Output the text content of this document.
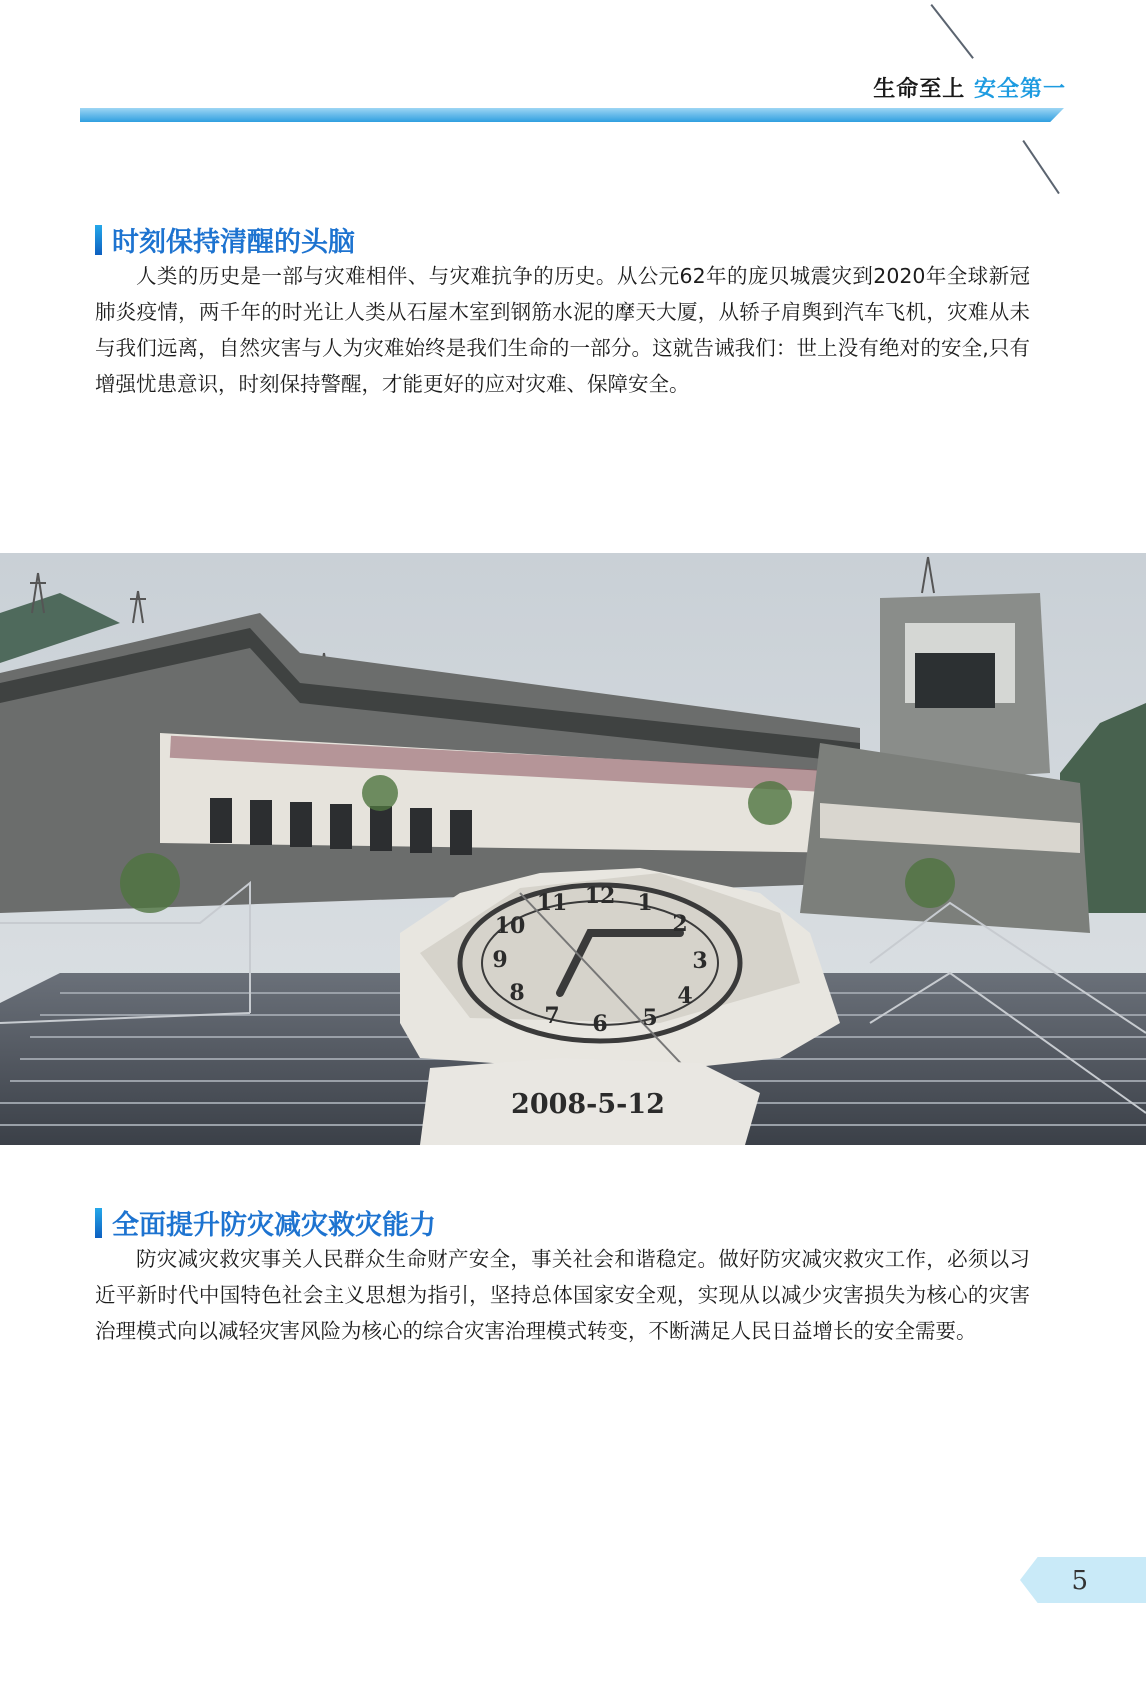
生命至上 安全第一
时刻保持清醒的头脑

人类的历史是一部与灾难相伴、与灾难抗争的历史。从公元62年的庞贝城震灾到2020年全球新冠肺炎疫情，两千年的时光让人类从石屋木室到钢筋水泥的摩天大厦，从轿子肩舆到汽车飞机，灾难从未与我们远离，自然灾害与人为灾难始终是我们生命的一部分。这就告诫我们：世上没有绝对的安全,只有增强忧患意识，时刻保持警醒，才能更好的应对灾难、保障安全。

12 1
2
3
4
5
6
7
8
9
10
11
2008-5-12
全面提升防灾减灾救灾能力

防灾减灾救灾事关人民群众生命财产安全，事关社会和谐稳定。做好防灾减灾救灾工作，必须以习近平新时代中国特色社会主义思想为指引，坚持总体国家安全观，实现从以减少灾害损失为核心的灾害治理模式向以减轻灾害风险为核心的综合灾害治理模式转变，不断满足人民日益增长的安全需要。

5
